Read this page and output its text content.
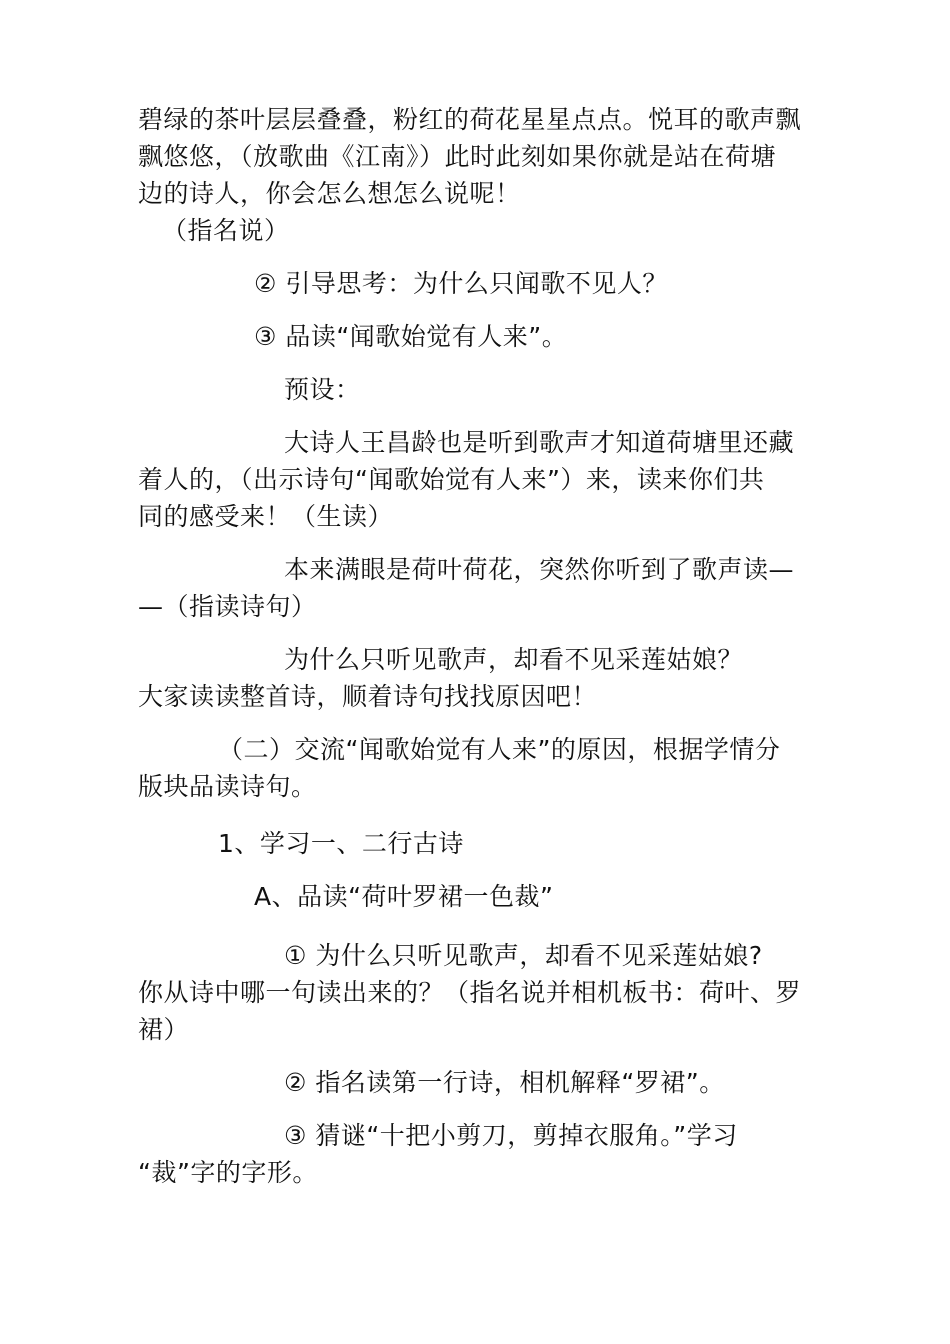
碧绿的茶叶层层叠叠，粉红的荷花星星点点。悦耳的歌声飘
飘悠悠，（放歌曲《江南》）此时此刻如果你就是站在荷塘
边的诗人，你会怎么想怎么说呢！
（指名说）
② 引导思考：为什么只闻歌不见人？
③ 品读“闻歌始觉有人来”。
预设：
大诗人王昌龄也是听到歌声才知道荷塘里还藏
着人的，（出示诗句“闻歌始觉有人来”）来，读来你们共
同的感受来！（生读）
本来满眼是荷叶荷花，突然你听到了歌声读—
—（指读诗句）
为什么只听见歌声，却看不见采莲姑娘？
大家读读整首诗，顺着诗句找找原因吧！
（二）交流“闻歌始觉有人来”的原因，根据学情分
版块品读诗句。
1、学习一、二行古诗
A、品读“荷叶罗裙一色裁”
① 为什么只听见歌声，却看不见采莲姑娘?
你从诗中哪一句读出来的？（指名说并相机板书：荷叶、罗
裙）
② 指名读第一行诗，相机解释“罗裙”。
③ 猜谜“十把小剪刀，剪掉衣服角。”学习
“裁”字的字形。
